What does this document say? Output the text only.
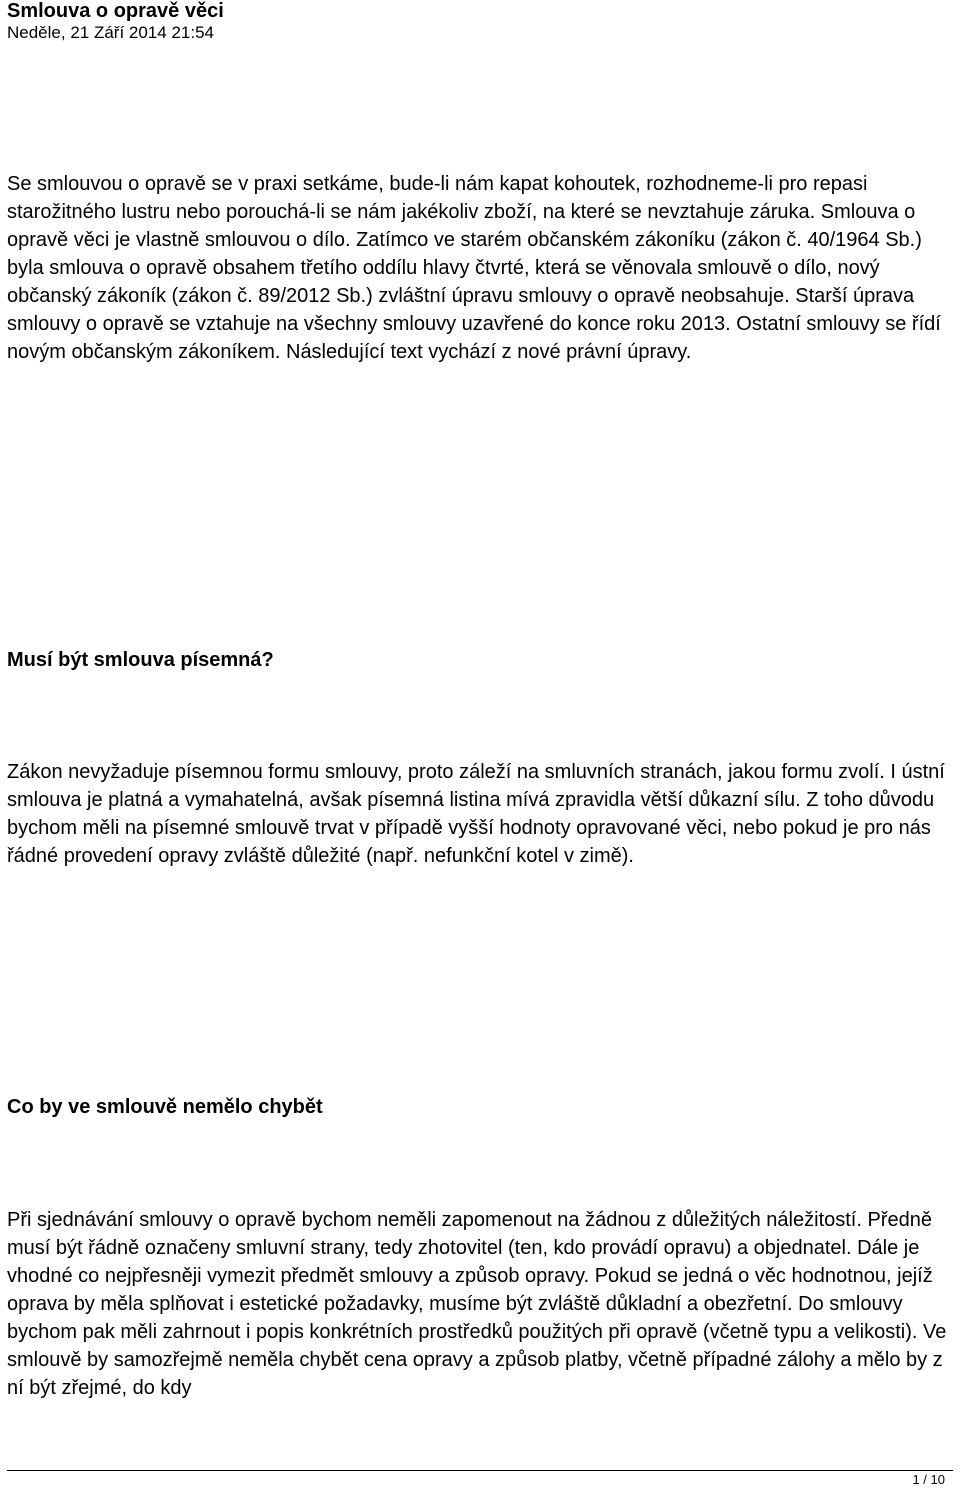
Smlouva o opravě věci
Neděle, 21 Září 2014 21:54

Se smlouvou o opravě se v praxi setkáme, bude-li nám kapat kohoutek, rozhodneme-li pro repasi starožitného lustru nebo porouchá-li se nám jakékoliv zboží, na které se nevztahuje záruka. Smlouva o opravě věci je vlastně smlouvou o dílo. Zatímco ve starém občanském zákoníku (zákon č. 40/1964 Sb.) byla smlouva o opravě obsahem třetího oddílu hlavy čtvrté, která se věnovala smlouvě o dílo, nový občanský zákoník (zákon č. 89/2012 Sb.) zvláštní úpravu smlouvy o opravě neobsahuje. Starší úprava smlouvy o opravě se vztahuje na všechny smlouvy uzavřené do konce roku 2013. Ostatní smlouvy se řídí novým občanským zákoníkem. Následující text vychází z nové právní úpravy.

Musí být smlouva písemná?

Zákon nevyžaduje písemnou formu smlouvy, proto záleží na smluvních stranách, jakou formu zvolí. I ústní smlouva je platná a vymahatelná, avšak písemná listina mívá zpravidla větší důkazní sílu. Z toho důvodu bychom měli na písemné smlouvě trvat v případě vyšší hodnoty opravované věci, nebo pokud je pro nás řádné provedení opravy zvláště důležité (např. nefunkční kotel v zimě).

Co by ve smlouvě nemělo chybět

Při sjednávání smlouvy o opravě bychom neměli zapomenout na žádnou z důležitých náležitostí. Předně musí být řádně označeny smluvní strany, tedy zhotovitel (ten, kdo provádí opravu) a objednatel. Dále je vhodné co nejpřesněji vymezit předmět smlouvy a způsob opravy. Pokud se jedná o věc hodnotnou, jejíž oprava by měla splňovat i estetické požadavky, musíme být zvláště důkladní a obezřetní. Do smlouvy bychom pak měli zahrnout i popis konkrétních prostředků použitých při opravě (včetně typu a velikosti). Ve smlouvě by samozřejmě neměla chybět cena opravy a způsob platby, včetně případné zálohy a mělo by z ní být zřejmé, do kdy

1 / 10
